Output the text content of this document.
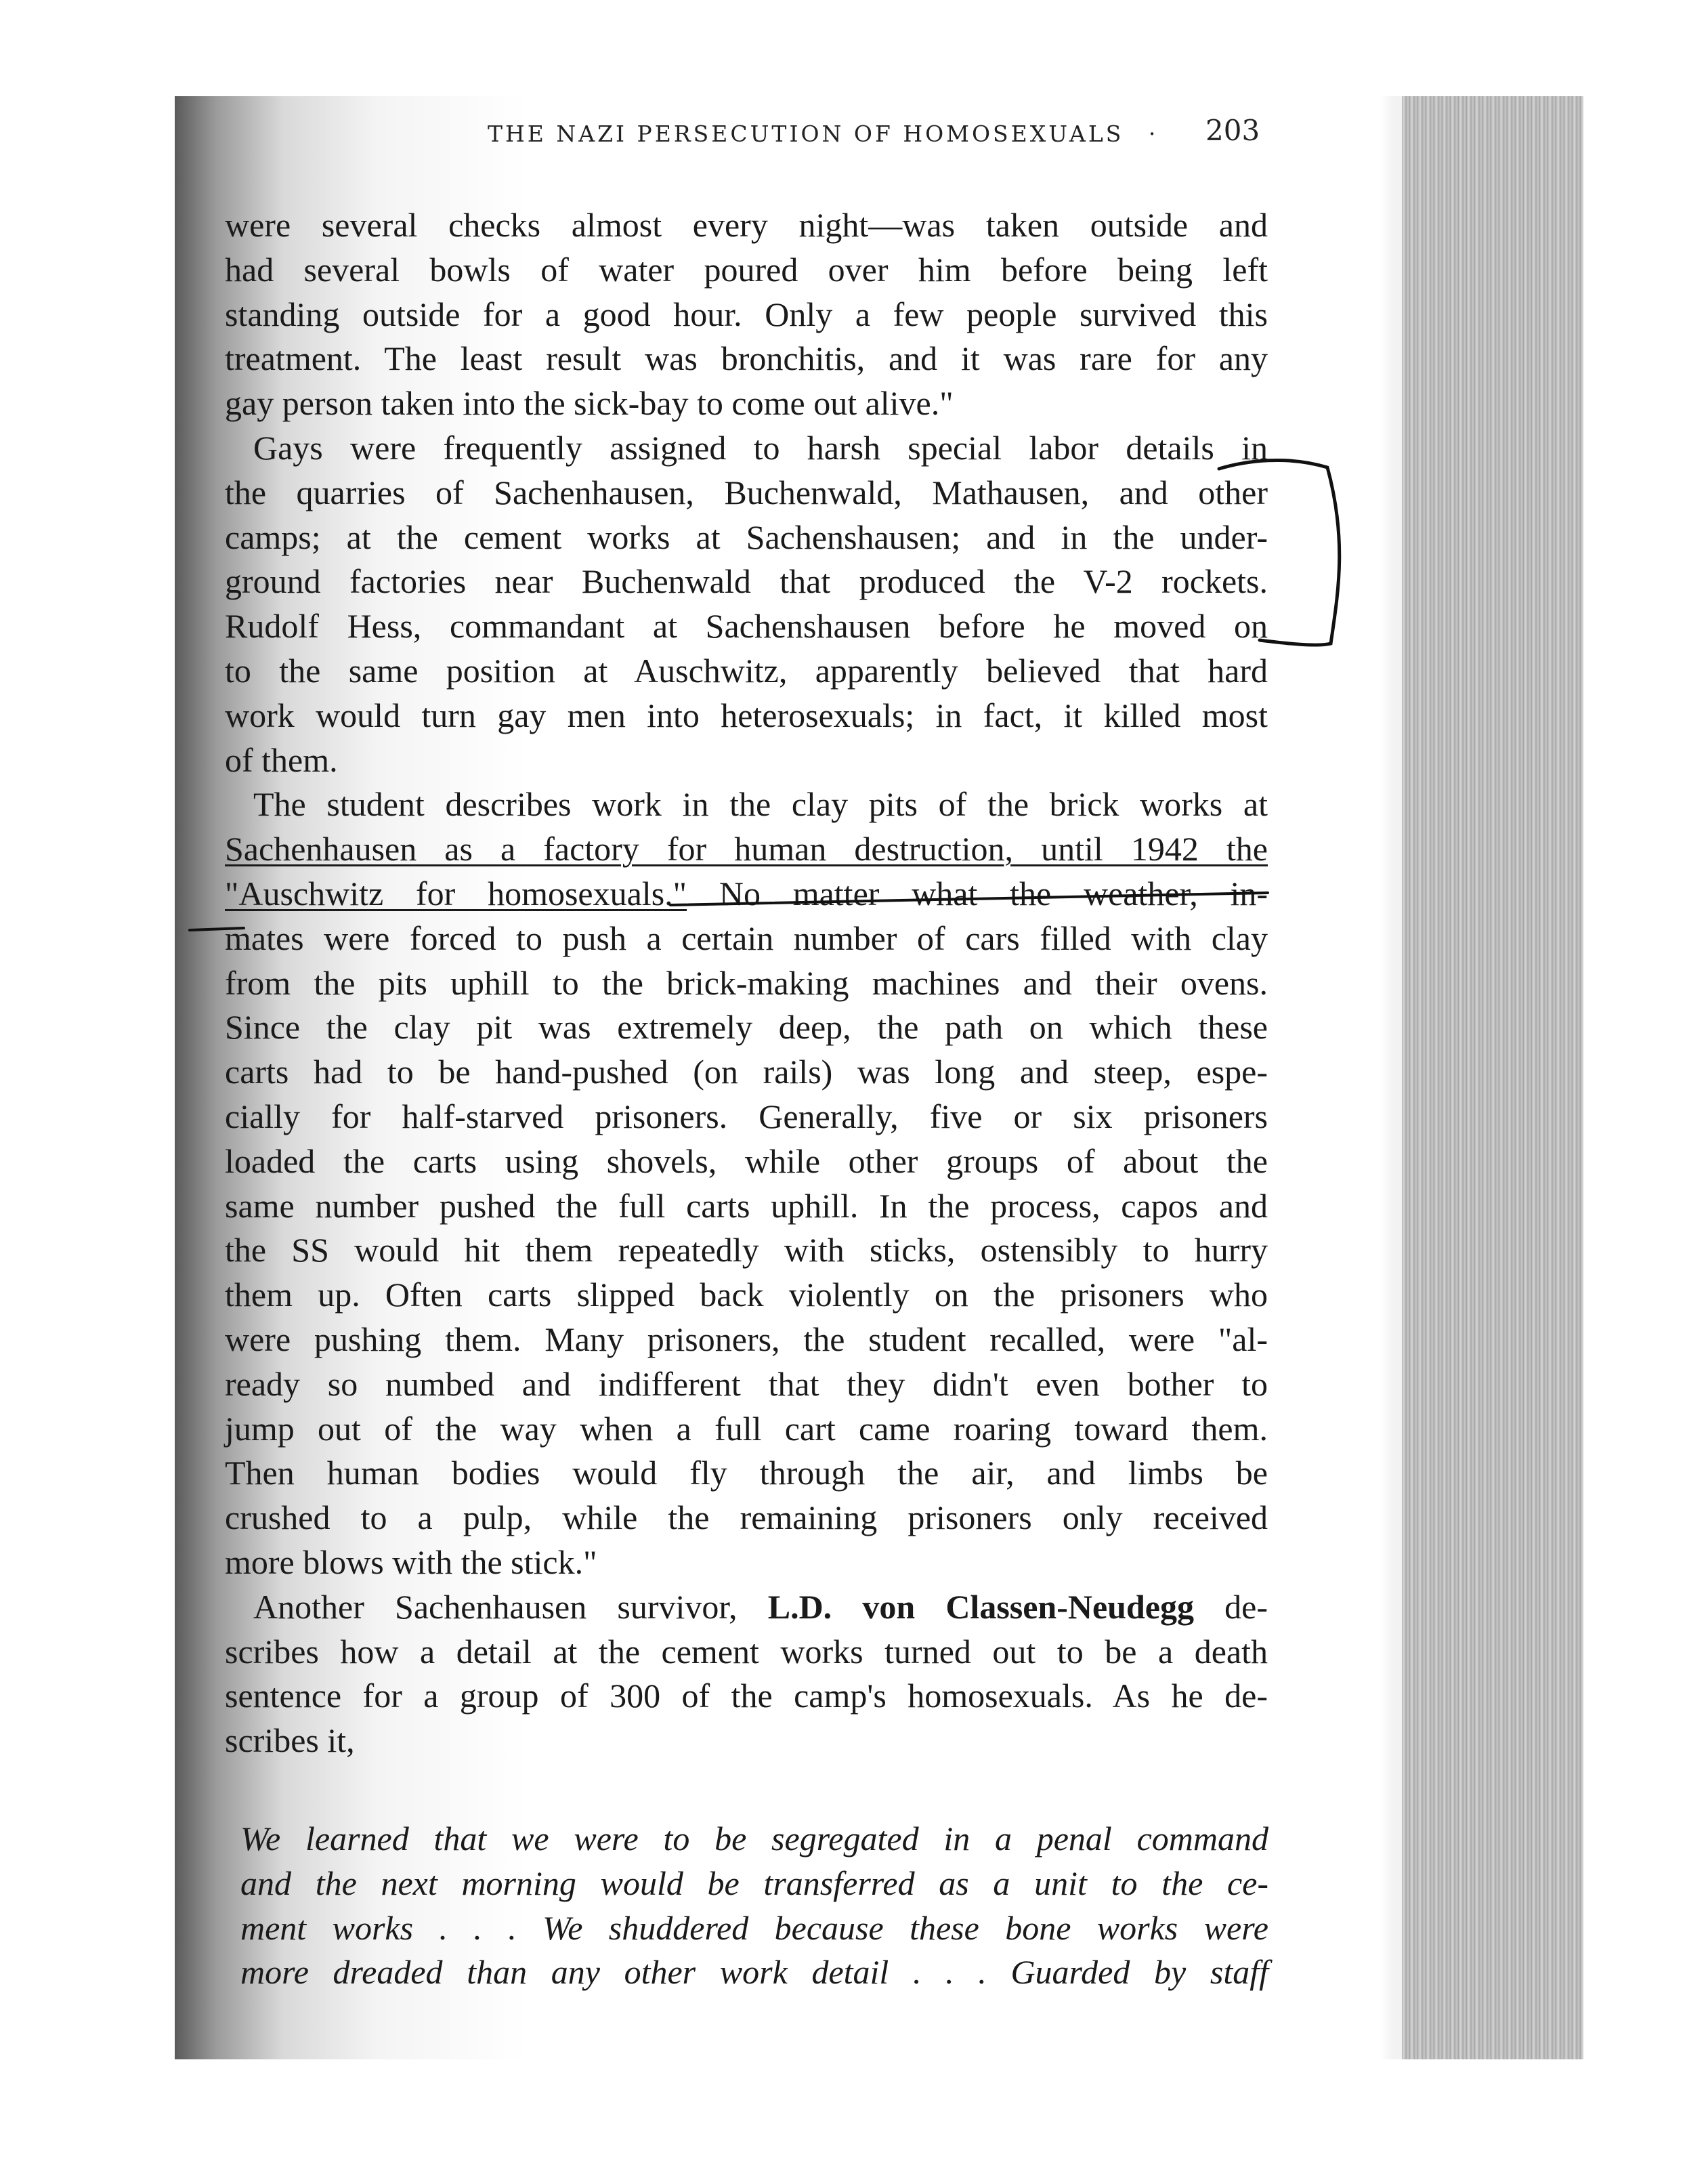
THE NAZI PERSECUTION OF HOMOSEXUALS ·	203
were several checks almost every night—was taken outside and
had several bowls of water poured over him before being left
standing outside for a good hour. Only a few people survived this
treatment. The least result was bronchitis, and it was rare for any
gay person taken into the sick-bay to come out alive."
Gays were frequently assigned to harsh special labor details in
the quarries of Sachenhausen, Buchenwald, Mathausen, and other
camps; at the cement works at Sachenshausen; and in the under-
ground factories near Buchenwald that produced the V-2 rockets.
Rudolf Hess, commandant at Sachenshausen before he moved on
to the same position at Auschwitz, apparently believed that hard
work would turn gay men into heterosexuals; in fact, it killed most
of them.
The student describes work in the clay pits of the brick works at
Sachenhausen as a factory for human destruction, until 1942 the
"Auschwitz for homosexuals." No matter what the weather, in-
mates were forced to push a certain number of cars filled with clay
from the pits uphill to the brick-making machines and their ovens.
Since the clay pit was extremely deep, the path on which these
carts had to be hand-pushed (on rails) was long and steep, espe-
cially for half-starved prisoners. Generally, five or six prisoners
loaded the carts using shovels, while other groups of about the
same number pushed the full carts uphill. In the process, capos and
the SS would hit them repeatedly with sticks, ostensibly to hurry
them up. Often carts slipped back violently on the prisoners who
were pushing them. Many prisoners, the student recalled, were "al-
ready so numbed and indifferent that they didn't even bother to
jump out of the way when a full cart came roaring toward them.
Then human bodies would fly through the air, and limbs be
crushed to a pulp, while the remaining prisoners only received
more blows with the stick."
Another Sachenhausen survivor, L.D. von Classen-Neudegg de-
scribes how a detail at the cement works turned out to be a death
sentence for a group of 300 of the camp's homosexuals. As he de-
scribes it,
We learned that we were to be segregated in a penal command
and the next morning would be transferred as a unit to the ce-
ment works . . . We shuddered because these bone works were
more dreaded than any other work detail . . . Guarded by staff
